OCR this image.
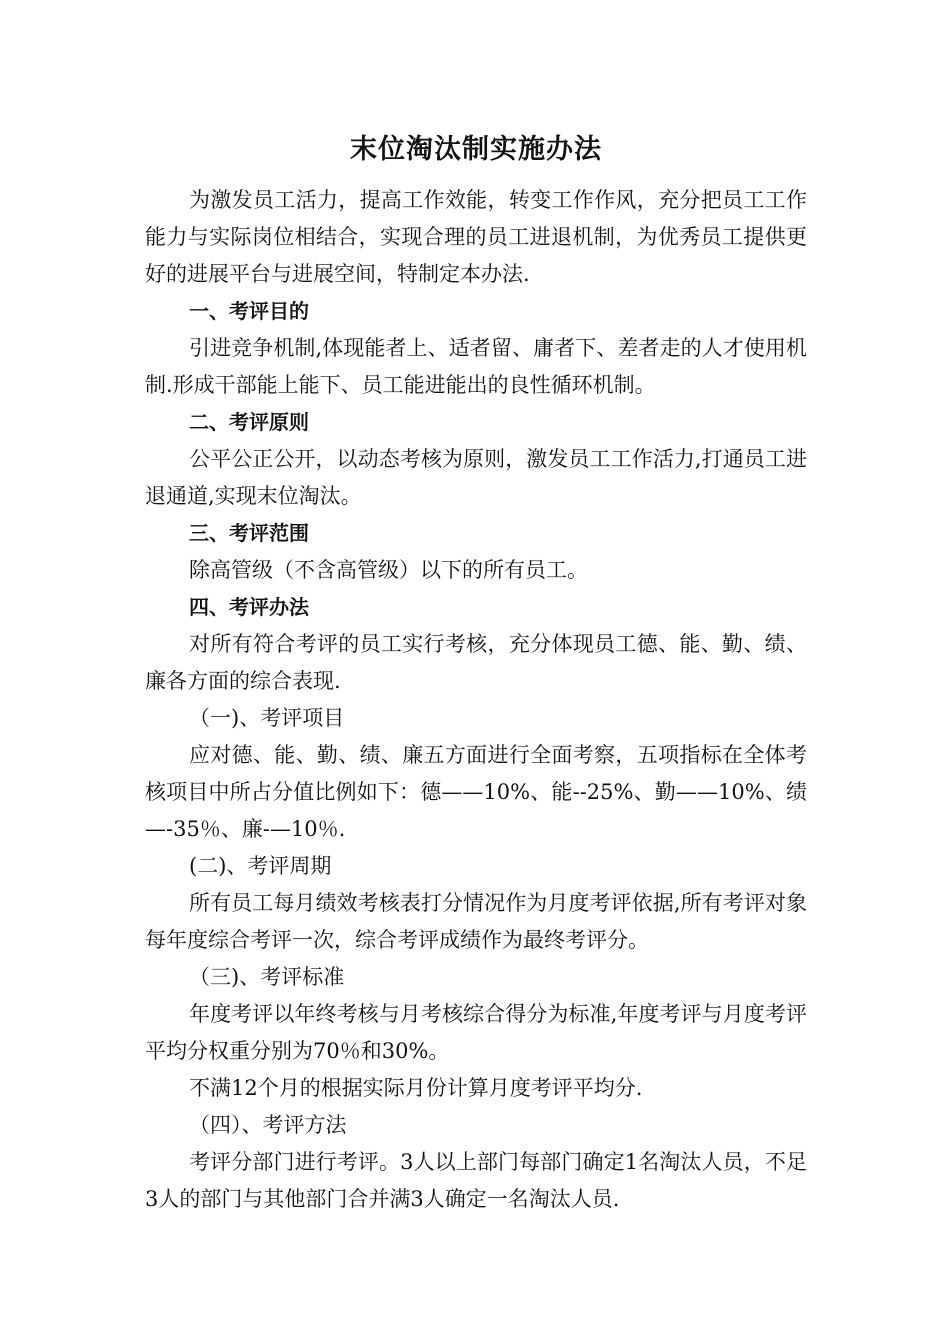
末位淘汰制实施办法

为激发员工活力，提高工作效能，转变工作作风，充分把员工工作能力与实际岗位相结合，实现合理的员工进退机制，为优秀员工提供更好的进展平台与进展空间，特制定本办法.

一、考评目的

引进竞争机制,体现能者上、适者留、庸者下、差者走的人才使用机制.形成干部能上能下、员工能进能出的良性循环机制。

二、考评原则

公平公正公开，以动态考核为原则，激发员工工作活力,打通员工进退通道,实现末位淘汰。

三、考评范围

除高管级（不含高管级）以下的所有员工。

四、考评办法

对所有符合考评的员工实行考核，充分体现员工德、能、勤、绩、廉各方面的综合表现.

（一)、考评项目

应对德、能、勤、绩、廉五方面进行全面考察，五项指标在全体考核项目中所占分值比例如下：德——10%、能--25%、勤——10%、绩—-35％、廉-—10％.

(二)、考评周期

所有员工每月绩效考核表打分情况作为月度考评依据,所有考评对象每年度综合考评一次，综合考评成绩作为最终考评分。

（三)、考评标准

年度考评以年终考核与月考核综合得分为标准,年度考评与月度考评平均分权重分别为70％和30%。

不满12个月的根据实际月份计算月度考评平均分.

（四）、考评方法

考评分部门进行考评。3人以上部门每部门确定1名淘汰人员，不足3人的部门与其他部门合并满3人确定一名淘汰人员.
